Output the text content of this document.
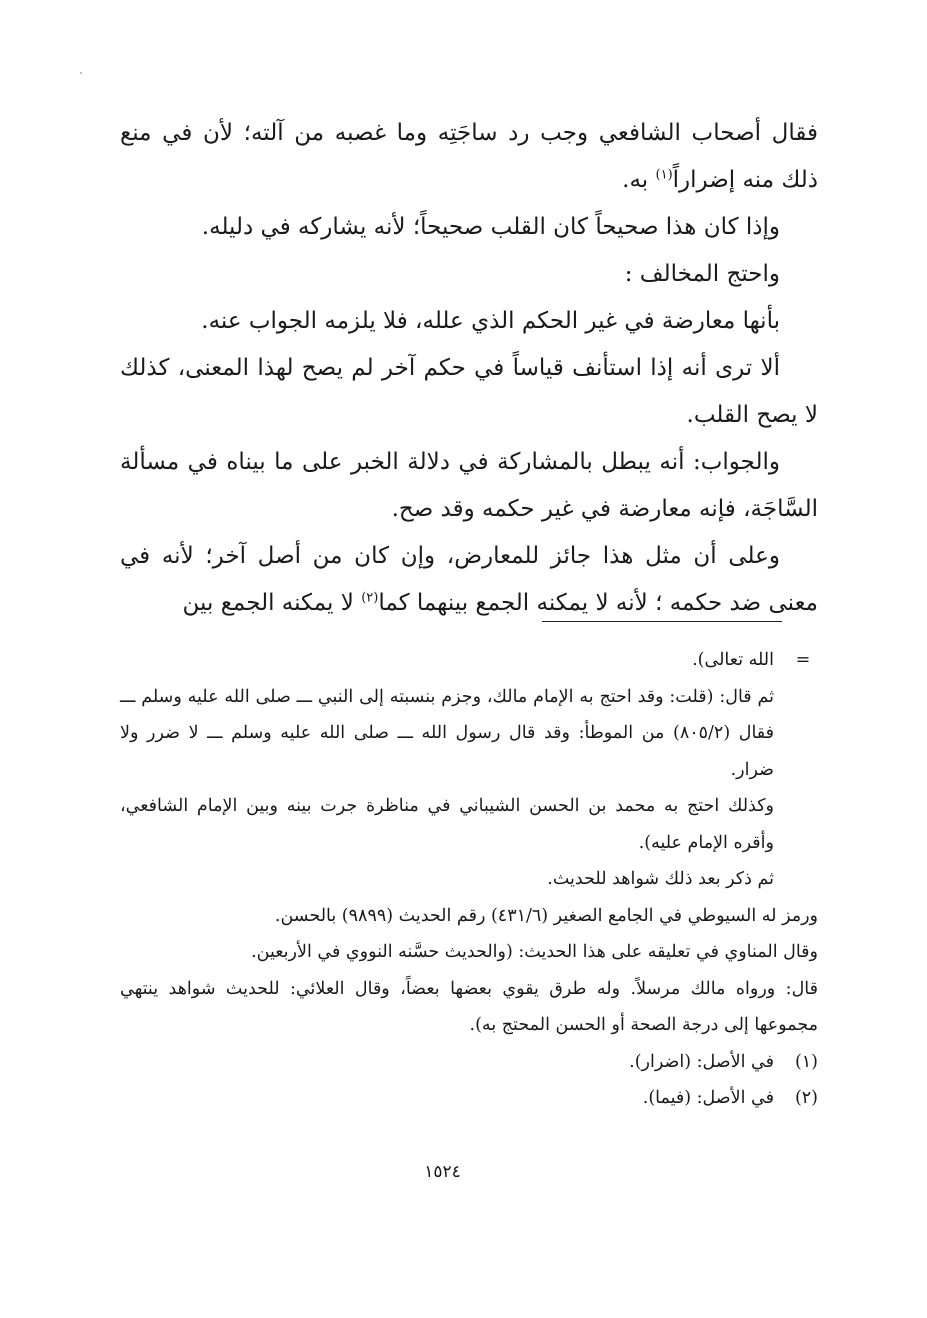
فقال أصحاب الشافعي وجب رد ساجَتِه وما غصبه من آلته؛ لأن في منع ذلك منه إضراراً$^{(١)}$ به.

وإذا كان هذا صحيحاً كان القلب صحيحاً؛ لأنه يشاركه في دليله.

واحتج المخالف :

بأنها معارضة في غير الحكم الذي علله، فلا يلزمه الجواب عنه.

ألا ترى أنه إذا استأنف قياساً في حكم آخر لم يصح لهذا المعنى، كذلك لا يصح القلب.

والجواب: أنه يبطل بالمشاركة في دلالة الخبر على ما بيناه في مسألة السَّاجَة، فإنه معارضة في غير حكمه وقد صح.

وعلى أن مثل هذا جائز للمعارض، وإن كان من أصل آخر؛ لأنه في معنى ضد حكمه ؛ لأنه لا يمكنه الجمع بينهما كما$^{(٢)}$ لا يمكنه الجمع بين

=

الله تعالى).

ثم قال: (قلت: وقد احتج به الإمام مالك، وجزم بنسبته إلى النبي ـــ صلى الله عليه وسلم ـــ فقال (٨٠٥/٢) من الموطأ: وقد قال رسول الله ـــ صلى الله عليه وسلم ـــ لا ضرر ولا ضرار.

وكذلك احتج به محمد بن الحسن الشيباني في مناظرة جرت بينه وبين الإمام الشافعي، وأقره الإمام عليه).

ثم ذكر بعد ذلك شواهد للحديث.

ورمز له السيوطي في الجامع الصغير (٤٣١/٦) رقم الحديث (٩٨٩٩) بالحسن.

وقال المناوي في تعليقه على هذا الحديث: (والحديث حسَّنه النووي في الأربعين.

قال: ورواه مالك مرسلاً. وله طرق يقوي بعضها بعضاً، وقال العلائي: للحديث شواهد ينتهي مجموعها إلى درجة الصحة أو الحسن المحتج به).

(١)
في الأصل: (اضرار).
(٢)
في الأصل: (فيما).
١٥٢٤
